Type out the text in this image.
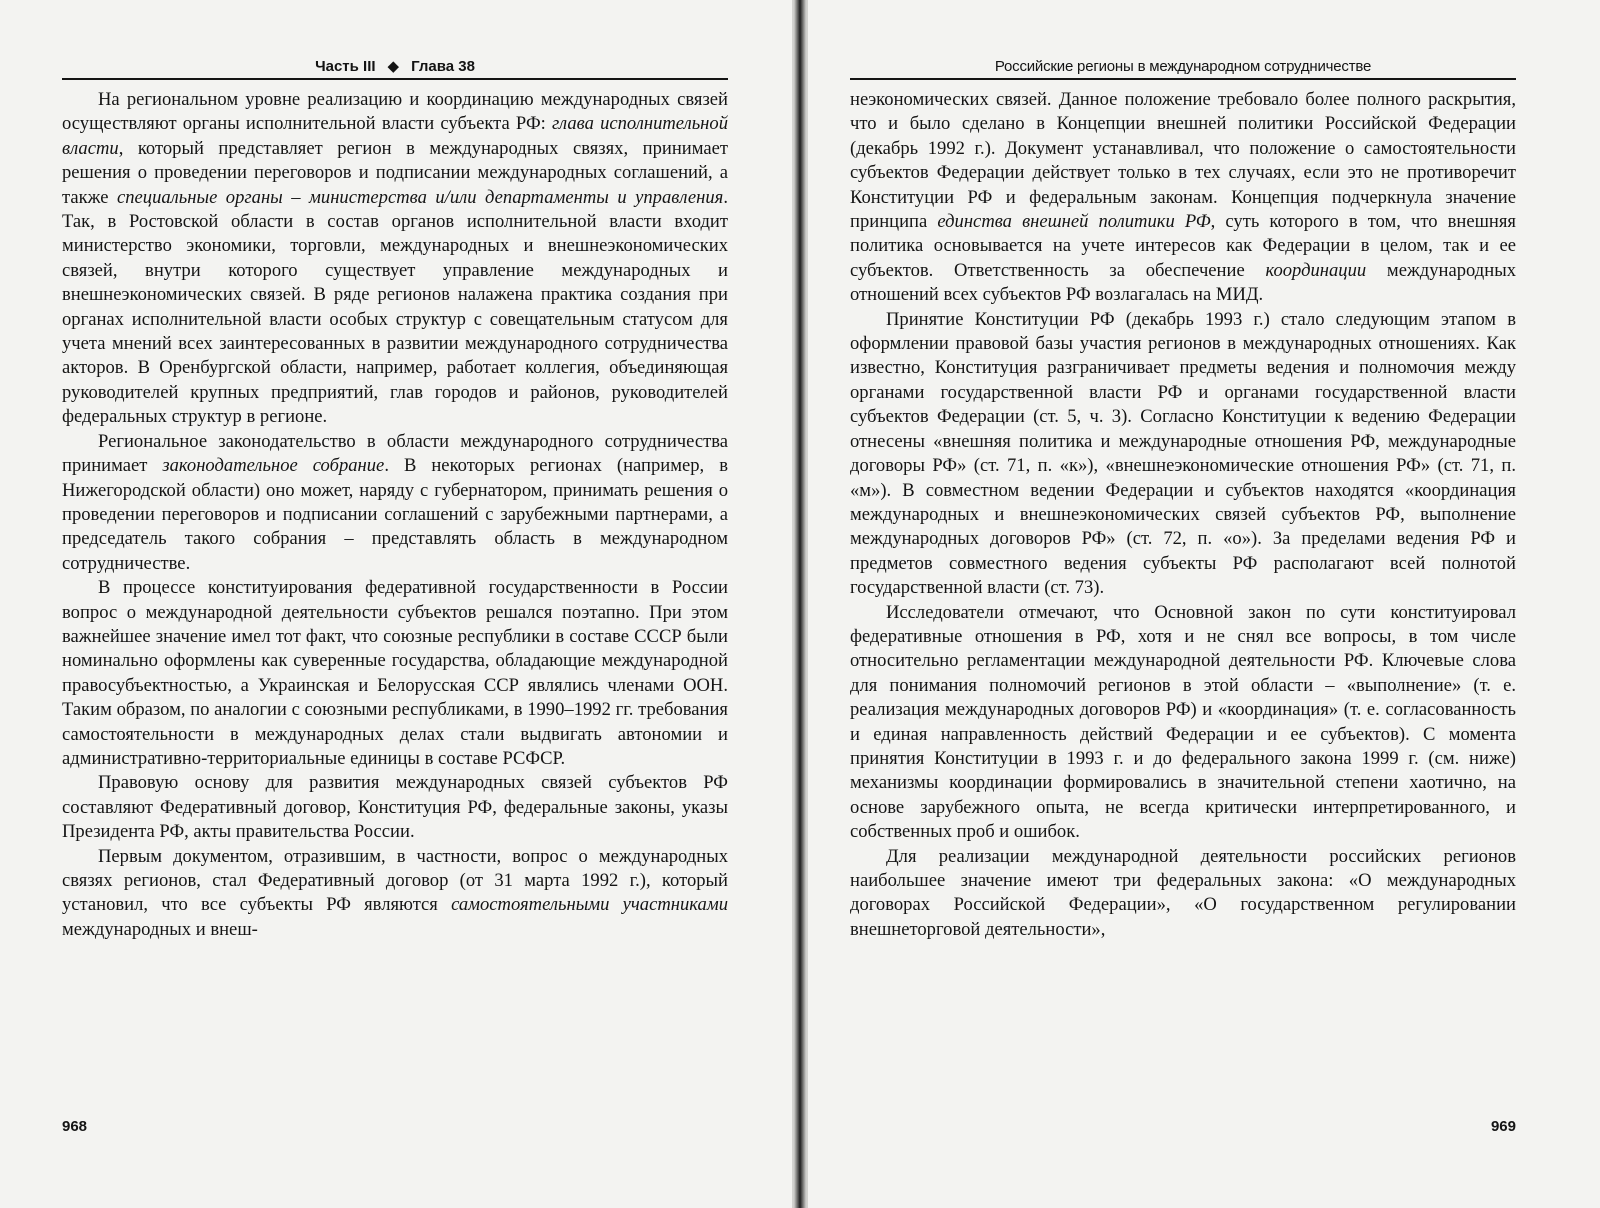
Часть III ◆ Глава 38

На региональном уровне реализацию и координацию международных связей осуществляют органы исполнительной власти субъекта РФ: глава исполнительной власти, который представляет регион в международных связях, принимает решения о проведении переговоров и подписании международных соглашений, а также специальные органы – министерства и/или департаменты и управления. Так, в Ростовской области в состав органов исполнительной власти входит министерство экономики, торговли, международных и внешнеэкономических связей, внутри которого существует управление международных и внешнеэкономических связей. В ряде регионов налажена практика создания при органах исполнительной власти особых структур с совещательным статусом для учета мнений всех заинтересованных в развитии международного сотрудничества акторов. В Оренбургской области, например, работает коллегия, объединяющая руководителей крупных предприятий, глав городов и районов, руководителей федеральных структур в регионе.

Региональное законодательство в области международного сотрудничества принимает законодательное собрание. В некоторых регионах (например, в Нижегородской области) оно может, наряду с губернатором, принимать решения о проведении переговоров и подписании соглашений с зарубежными партнерами, а председатель такого собрания – представлять область в международном сотрудничестве.

В процессе конституирования федеративной государственности в России вопрос о международной деятельности субъектов решался поэтапно. При этом важнейшее значение имел тот факт, что союзные республики в составе СССР были номинально оформлены как суверенные государства, обладающие международной правосубъектностью, а Украинская и Белорусская ССР являлись членами ООН. Таким образом, по аналогии с союзными республиками, в 1990–1992 гг. требования самостоятельности в международных делах стали выдвигать автономии и административно-территориальные единицы в составе РСФСР.

Правовую основу для развития международных связей субъектов РФ составляют Федеративный договор, Конституция РФ, федеральные законы, указы Президента РФ, акты правительства России.

Первым документом, отразившим, в частности, вопрос о международных связях регионов, стал Федеративный договор (от 31 марта 1992 г.), который установил, что все субъекты РФ являются самостоятельными участниками международных и внеш-

968
Российские регионы в международном сотрудничестве

неэкономических связей. Данное положение требовало более полного раскрытия, что и было сделано в Концепции внешней политики Российской Федерации (декабрь 1992 г.). Документ устанавливал, что положение о самостоятельности субъектов Федерации действует только в тех случаях, если это не противоречит Конституции РФ и федеральным законам. Концепция подчеркнула значение принципа единства внешней политики РФ, суть которого в том, что внешняя политика основывается на учете интересов как Федерации в целом, так и ее субъектов. Ответственность за обеспечение координации международных отношений всех субъектов РФ возлагалась на МИД.

Принятие Конституции РФ (декабрь 1993 г.) стало следующим этапом в оформлении правовой базы участия регионов в международных отношениях. Как известно, Конституция разграничивает предметы ведения и полномочия между органами государственной власти РФ и органами государственной власти субъектов Федерации (ст. 5, ч. 3). Согласно Конституции к ведению Федерации отнесены «внешняя политика и международные отношения РФ, международные договоры РФ» (ст. 71, п. «к»), «внешнеэкономические отношения РФ» (ст. 71, п. «м»). В совместном ведении Федерации и субъектов находятся «координация международных и внешнеэкономических связей субъектов РФ, выполнение международных договоров РФ» (ст. 72, п. «о»). За пределами ведения РФ и предметов совместного ведения субъекты РФ располагают всей полнотой государственной власти (ст. 73).

Исследователи отмечают, что Основной закон по сути конституировал федеративные отношения в РФ, хотя и не снял все вопросы, в том числе относительно регламентации международной деятельности РФ. Ключевые слова для понимания полномочий регионов в этой области – «выполнение» (т. е. реализация международных договоров РФ) и «координация» (т. е. согласованность и единая направленность действий Федерации и ее субъектов). С момента принятия Конституции в 1993 г. и до федерального закона 1999 г. (см. ниже) механизмы координации формировались в значительной степени хаотично, на основе зарубежного опыта, не всегда критически интерпретированного, и собственных проб и ошибок.

Для реализации международной деятельности российских регионов наибольшее значение имеют три федеральных закона: «О международных договорах Российской Федерации», «О государственном регулировании внешнеторговой деятельности»,

969
